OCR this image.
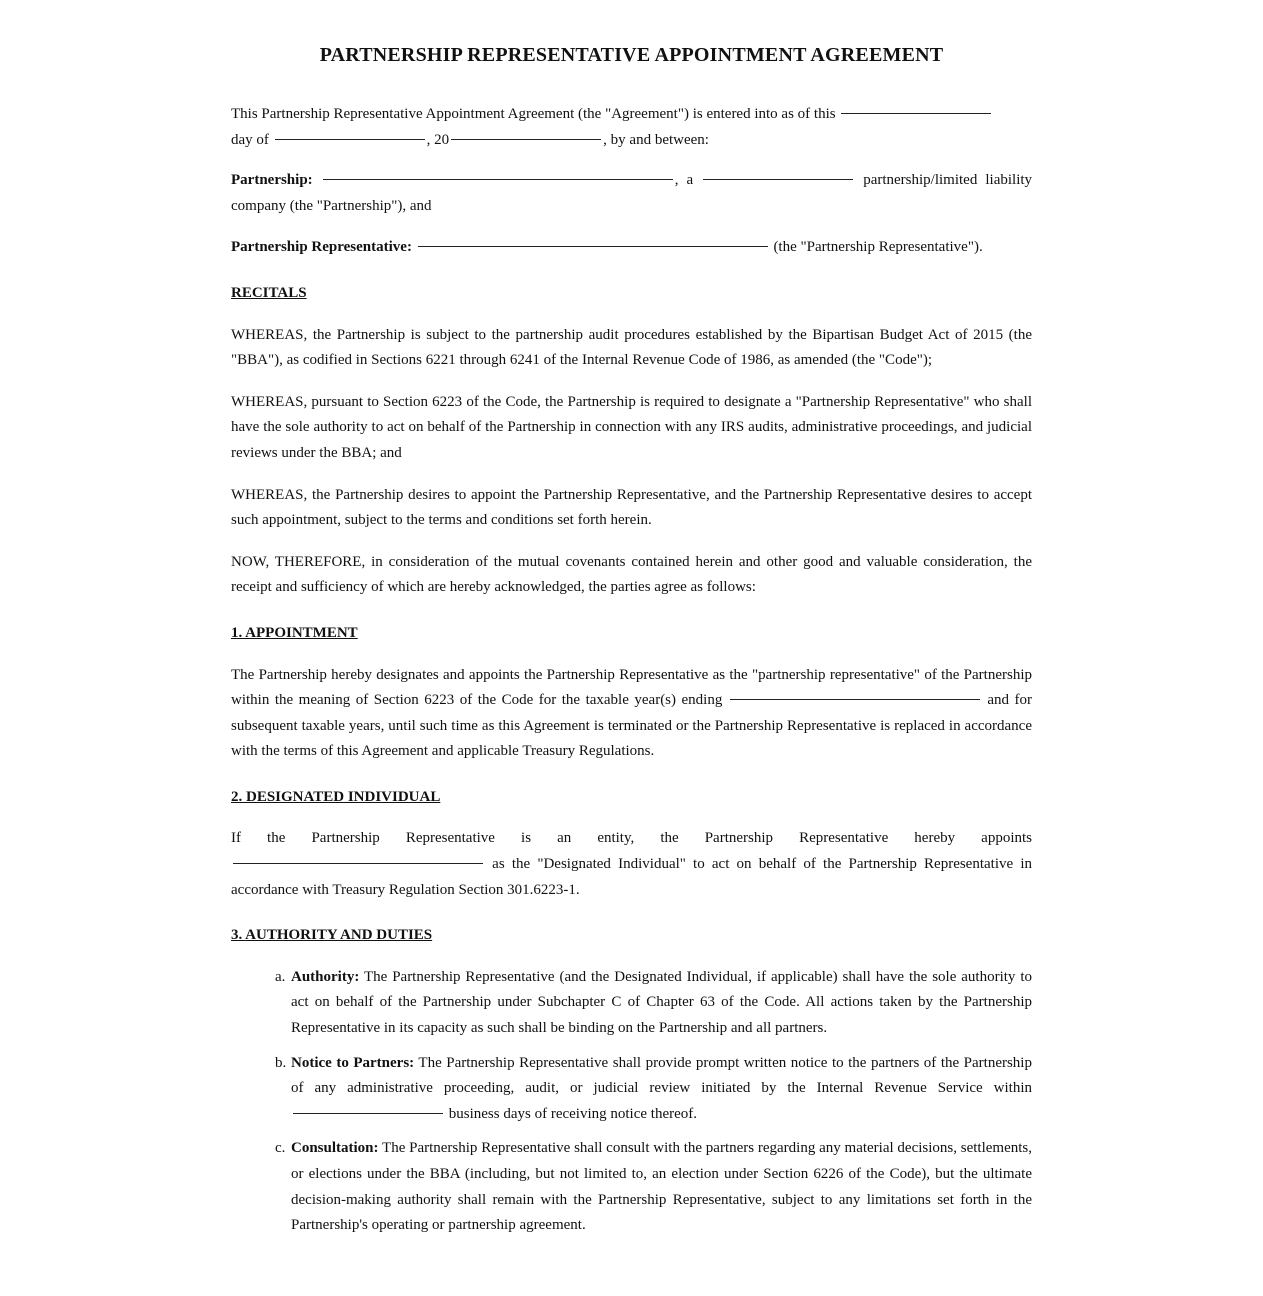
PARTNERSHIP REPRESENTATIVE APPOINTMENT AGREEMENT

This Partnership Representative Appointment Agreement (the "Agreement") is entered into as of this
day of	, 20	, by and between:

Partnership:	, a	partnership/limited liability company (the "Partnership"), and

Partnership Representative:	(the "Partnership Representative").

RECITALS

WHEREAS, the Partnership is subject to the partnership audit procedures established by the Bipartisan Budget Act of 2015 (the "BBA"), as codified in Sections 6221 through 6241 of the Internal Revenue Code of 1986, as amended (the "Code");

WHEREAS, pursuant to Section 6223 of the Code, the Partnership is required to designate a "Partnership Representative" who shall have the sole authority to act on behalf of the Partnership in connection with any IRS audits, administrative proceedings, and judicial reviews under the BBA; and

WHEREAS, the Partnership desires to appoint the Partnership Representative, and the Partnership Representative desires to accept such appointment, subject to the terms and conditions set forth herein.

NOW, THEREFORE, in consideration of the mutual covenants contained herein and other good and valuable consideration, the receipt and sufficiency of which are hereby acknowledged, the parties agree as follows:

1. APPOINTMENT

The Partnership hereby designates and appoints the Partnership Representative as the "partnership representative" of the Partnership within the meaning of Section 6223 of the Code for the taxable year(s) ending	and for subsequent taxable years, until such time as this Agreement is terminated or the Partnership Representative is replaced in accordance with the terms of this Agreement and applicable Treasury Regulations.

2. DESIGNATED INDIVIDUAL

If the Partnership Representative is an entity, the Partnership Representative hereby appoints  as the "Designated Individual" to act on behalf of the Partnership Representative in accordance with Treasury Regulation Section 301.6223-1.

3. AUTHORITY AND DUTIES
a. Authority: The Partnership Representative (and the Designated Individual, if applicable) shall have the sole authority to act on behalf of the Partnership under Subchapter C of Chapter 63 of the Code. All actions taken by the Partnership Representative in its capacity as such shall be binding on the Partnership and all partners.
b. Notice to Partners: The Partnership Representative shall provide prompt written notice to the partners of the Partnership of any administrative proceeding, audit, or judicial review initiated by the Internal Revenue Service within  business days of receiving notice thereof.
c. Consultation: The Partnership Representative shall consult with the partners regarding any material decisions, settlements, or elections under the BBA (including, but not limited to, an election under Section 6226 of the Code), but the ultimate decision-making authority shall remain with the Partnership Representative, subject to any limitations set forth in the Partnership's operating or partnership agreement.
